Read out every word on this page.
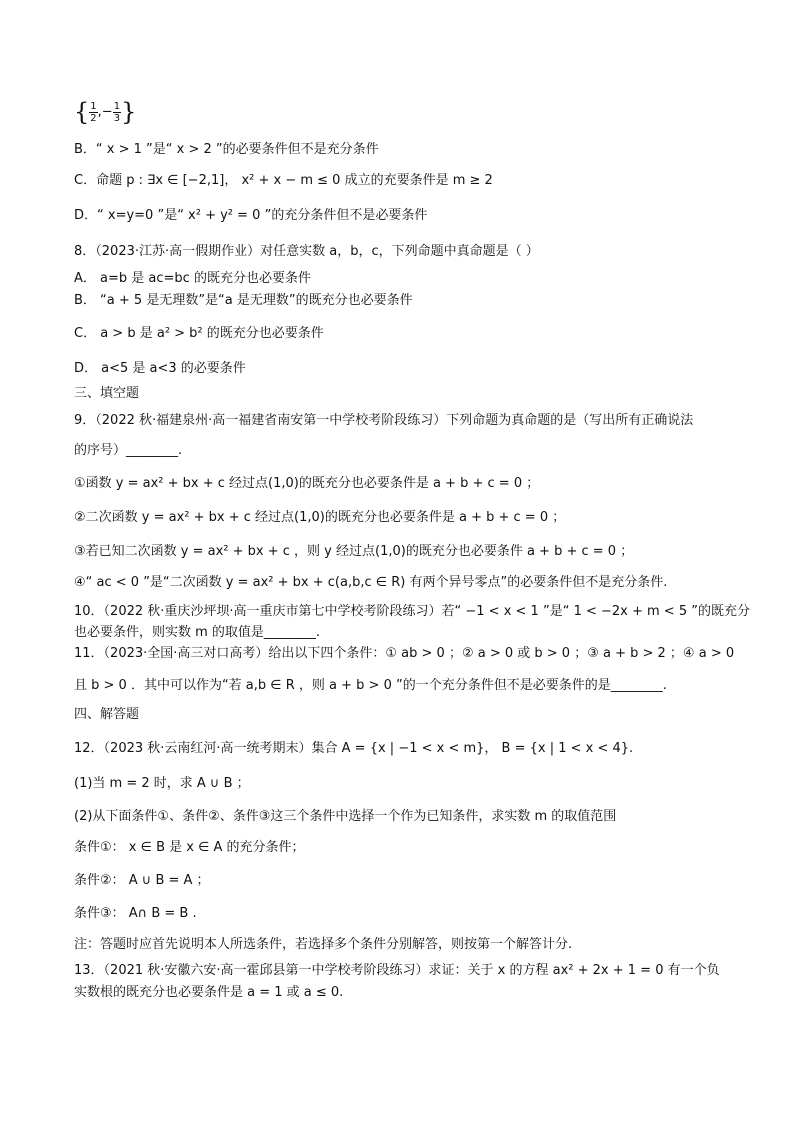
{ $\frac{1}{2}$ ,− $\frac{1}{3}$ }
B．“ x > 1 ”是“ x > 2 ”的必要条件但不是充分条件
C．命题 p : ∃x ∈ [−2,1]， x² + x − m ≤ 0 成立的充要条件是 m ≥ 2
D．“ x=y=0 ”是“ x² + y² = 0 ”的充分条件但不是必要条件
8．（2023·江苏·高一假期作业）对任意实数 a，b，c，下列命题中真命题是（ ）
A． a=b 是 ac=bc 的既充分也必要条件
B． “a + 5 是无理数”是“a 是无理数”的既充分也必要条件
C． a > b 是 a² > b² 的既充分也必要条件
D． a<5 是 a<3 的必要条件
三、填空题
9．（2022 秋·福建泉州·高一福建省南安第一中学校考阶段练习）下列命题为真命题的是（写出所有正确说法
的序号）________.
①函数 y = ax² + bx + c 经过点(1,0)的既充分也必要条件是 a + b + c = 0 ；
②二次函数 y = ax² + bx + c 经过点(1,0)的既充分也必要条件是 a + b + c = 0 ；
③若已知二次函数 y = ax² + bx + c ，则 y 经过点(1,0)的既充分也必要条件 a + b + c = 0 ；
④“ ac < 0 ”是“二次函数 y = ax² + bx + c(a,b,c ∈ R) 有两个异号零点”的必要条件但不是充分条件.
10．（2022 秋·重庆沙坪坝·高一重庆市第七中学校考阶段练习）若“ −1 < x < 1 ”是“ 1 < −2x + m < 5 ”的既充分
也必要条件，则实数 m 的取值是________.
11．（2023·全国·高三对口高考）给出以下四个条件：① ab > 0 ；② a > 0 或 b > 0 ；③ a + b > 2 ；④ a > 0
且 b > 0 ．其中可以作为“若 a,b ∈ R ，则 a + b > 0 ”的一个充分条件但不是必要条件的是________.
四、解答题
12．（2023 秋·云南红河·高一统考期末）集合 A = {x | −1 < x < m}， B = {x | 1 < x < 4}.
(1)当 m = 2 时，求 A ∪ B ；
(2)从下面条件①、条件②、条件③这三个条件中选择一个作为已知条件，求实数 m 的取值范围
条件①： x ∈ B 是 x ∈ A 的充分条件；
条件②： A ∪ B = A ；
条件③： A∩ B = B .
注：答题时应首先说明本人所选条件，若选择多个条件分别解答，则按第一个解答计分.
13．（2021 秋·安徽六安·高一霍邱县第一中学校考阶段练习）求证：关于 x 的方程 ax² + 2x + 1 = 0 有一个负
实数根的既充分也必要条件是 a = 1 或 a ≤ 0.
